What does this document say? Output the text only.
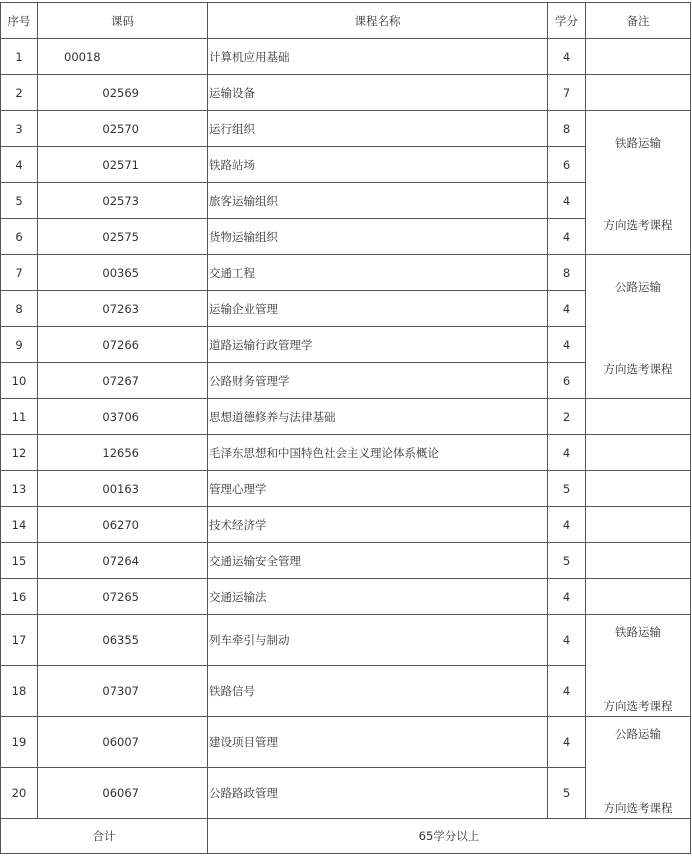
序号	课码	课程名称	学分	备注
1	00018	计算机应用基础	4	
2	02569	运输设备	7	
3	02570	运行组织	8	铁路运输
方向选考课程

4	02571	铁路站场	6	
5	02573	旅客运输组织	4	
6	02575	货物运输组织	4	
7	00365	交通工程	8	公路运输
方向选考课程

8	07263	运输企业管理	4	
9	07266	道路运输行政管理学	4	
10	07267	公路财务管理学	6	
11	03706	思想道德修养与法律基础	2	
12	12656	毛泽东思想和中国特色社会主义理论体系概论	4	
13	00163	管理心理学	5	
14	06270	技术经济学	4	
15	07264	交通运输安全管理	5	
16	07265	交通运输法	4	
17	06355	列车牵引与制动	4	铁路运输
方向选考课程

18	07307	铁路信号	4	
19	06007	建设项目管理	4	公路运输
方向选考课程

20	06067	公路路政管理	5	
合计		65学分以上		
